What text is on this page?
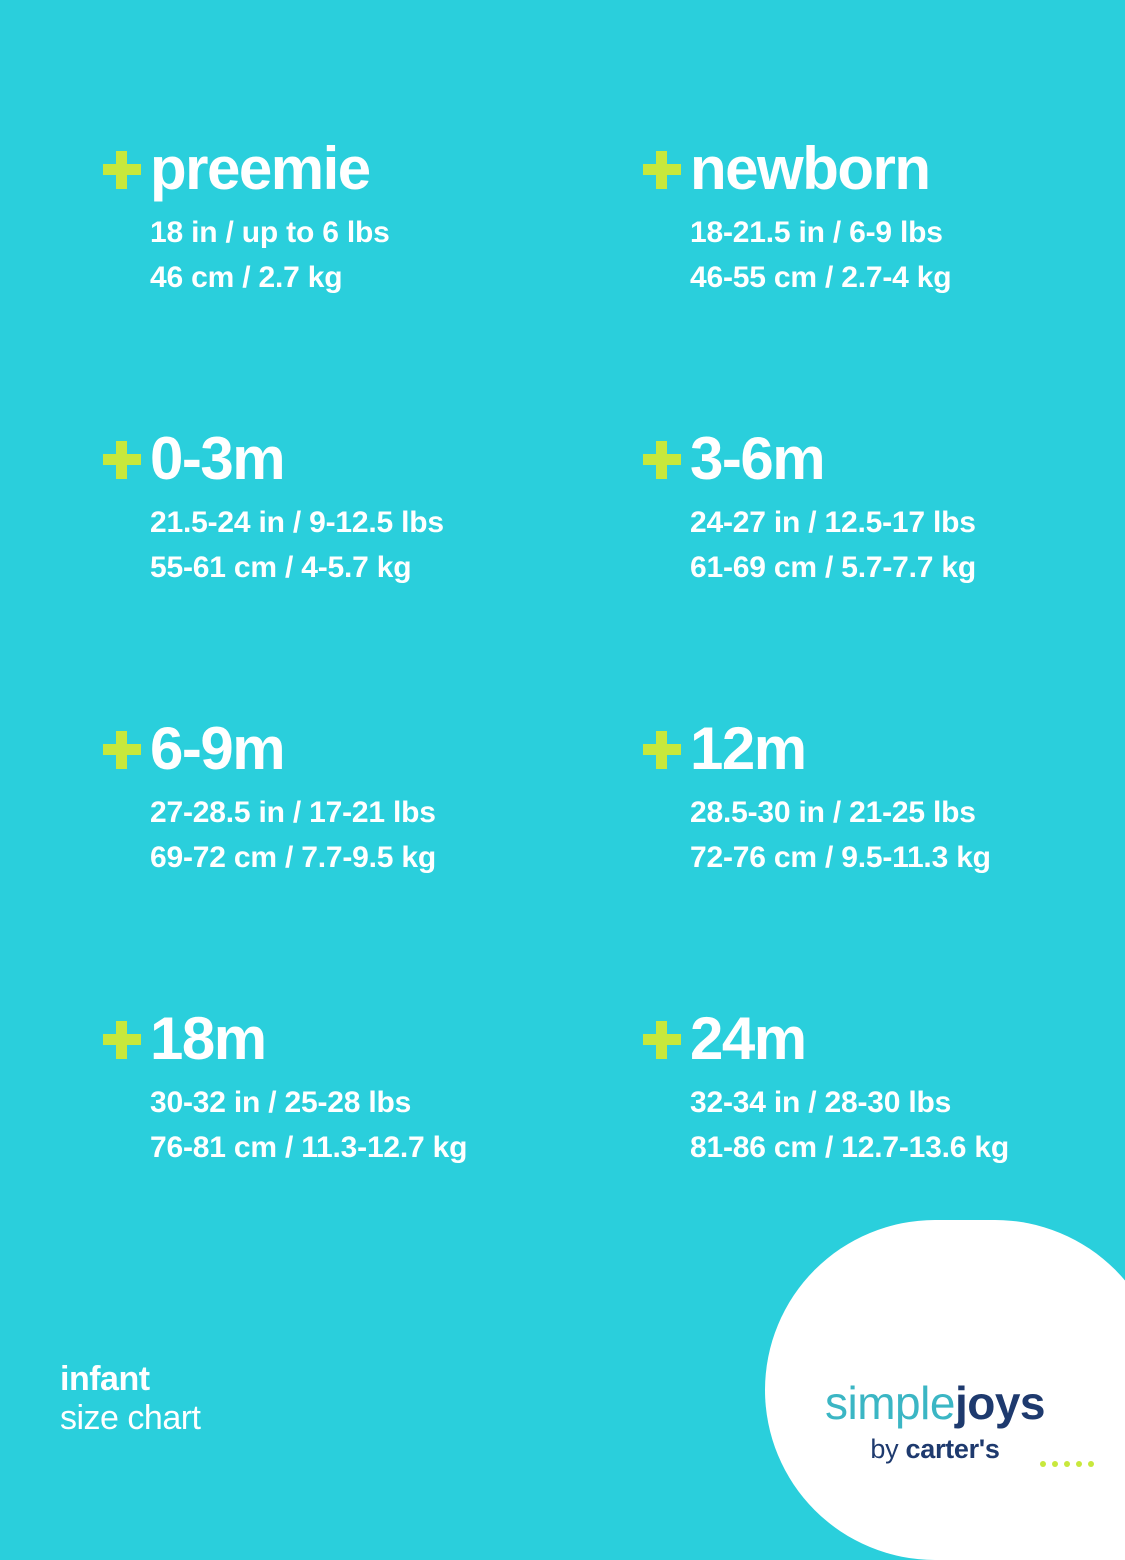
preemie
18 in / up to 6 lbs
46 cm / 2.7 kg
newborn
18-21.5 in / 6-9 lbs
46-55 cm / 2.7-4 kg
0-3m
21.5-24 in / 9-12.5 lbs
55-61 cm / 4-5.7 kg
3-6m
24-27 in / 12.5-17 lbs
61-69 cm / 5.7-7.7 kg
6-9m
27-28.5 in / 17-21 lbs
69-72 cm / 7.7-9.5 kg
12m
28.5-30 in / 21-25 lbs
72-76 cm / 9.5-11.3 kg
18m
30-32 in / 25-28 lbs
76-81 cm / 11.3-12.7 kg
24m
32-34 in / 28-30 lbs
81-86 cm / 12.7-13.6 kg
infant
size chart	simplejoys
by carter's
